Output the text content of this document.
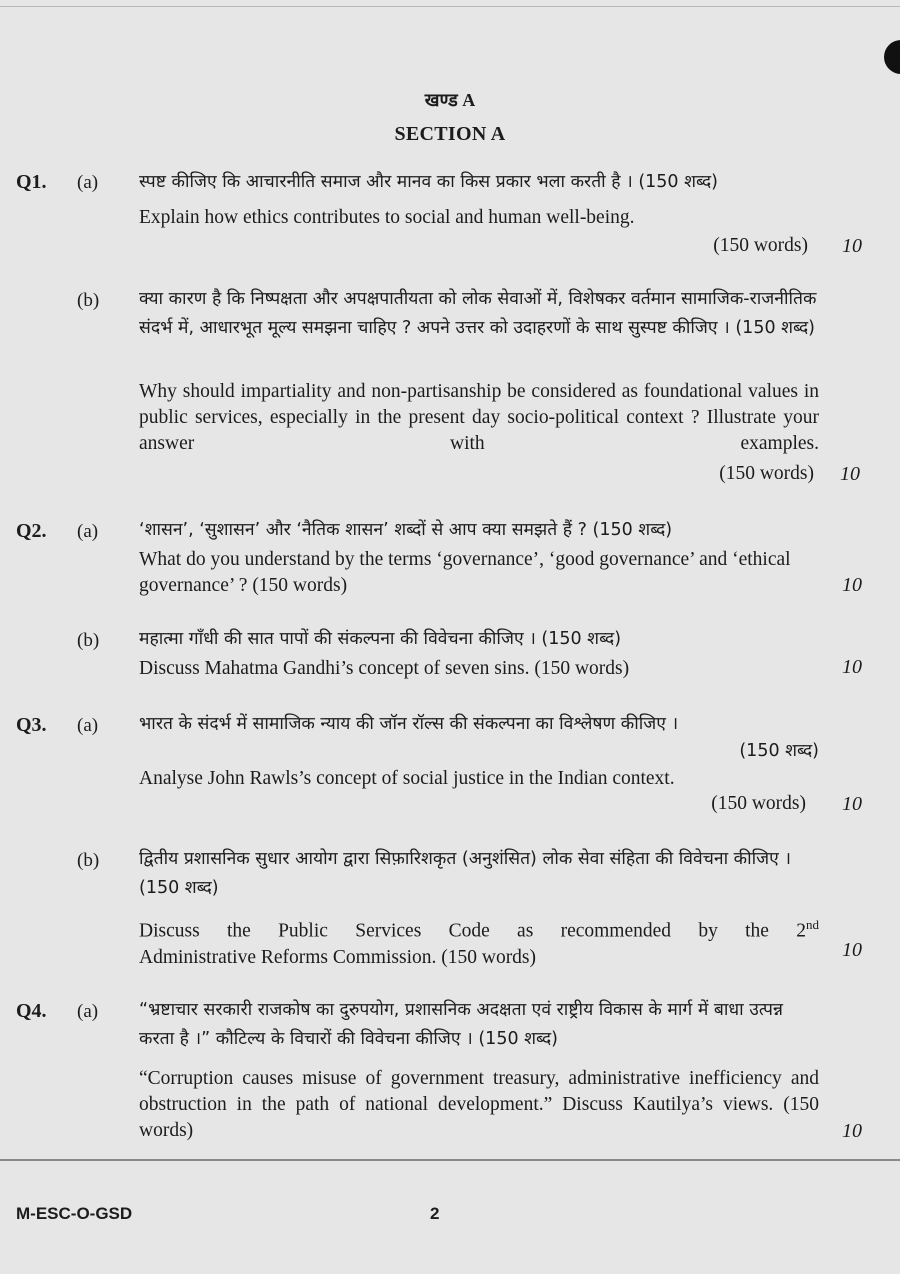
खण्ड A
SECTION A
Q1. (a) स्पष्ट कीजिए कि आचारनीति समाज और मानव का किस प्रकार भला करती है । (150 शब्द)
Explain how ethics contributes to social and human well-being.
(150 words)	10
(b) क्या कारण है कि निष्पक्षता और अपक्षपातीयता को लोक सेवाओं में, विशेषकर वर्तमान सामाजिक-राजनीतिक संदर्भ में, आधारभूत मूल्य समझना चाहिए ? अपने उत्तर को उदाहरणों के साथ सुस्पष्ट कीजिए । (150 शब्द)
Why should impartiality and non-partisanship be considered as foundational values in public services, especially in the present day socio-political context ? Illustrate your answer with examples.
(150 words)	10
Q2. (a) ‘शासन’, ‘सुशासन’ और ‘नैतिक शासन’ शब्दों से आप क्या समझते हैं ? (150 शब्द)
What do you understand by the terms ‘governance’, ‘good governance’ and ‘ethical governance’ ? (150 words)	10
(b) महात्मा गाँधी की सात पापों की संकल्पना की विवेचना कीजिए । (150 शब्द)
Discuss Mahatma Gandhi’s concept of seven sins. (150 words)	10
Q3. (a) भारत के संदर्भ में सामाजिक न्याय की जॉन रॉल्स की संकल्पना का विश्लेषण कीजिए ।
(150 शब्द)
Analyse John Rawls’s concept of social justice in the Indian context.
(150 words)	10
(b) द्वितीय प्रशासनिक सुधार आयोग द्वारा सिफ़ारिशकृत (अनुशंसित) लोक सेवा संहिता की विवेचना कीजिए । (150 शब्द)
Discuss the Public Services Code as recommended by the 2nd
Administrative Reforms Commission. (150 words)	10
Q4. (a) “भ्रष्टाचार सरकारी राजकोष का दुरुपयोग, प्रशासनिक अदक्षता एवं राष्ट्रीय विकास के मार्ग में बाधा उत्पन्न करता है ।” कौटिल्य के विचारों की विवेचना कीजिए । (150 शब्द)
“Corruption causes misuse of government treasury, administrative inefficiency and obstruction in the path of national development.” Discuss Kautilya’s views. (150 words)	10
M-ESC-O-GSD	2
